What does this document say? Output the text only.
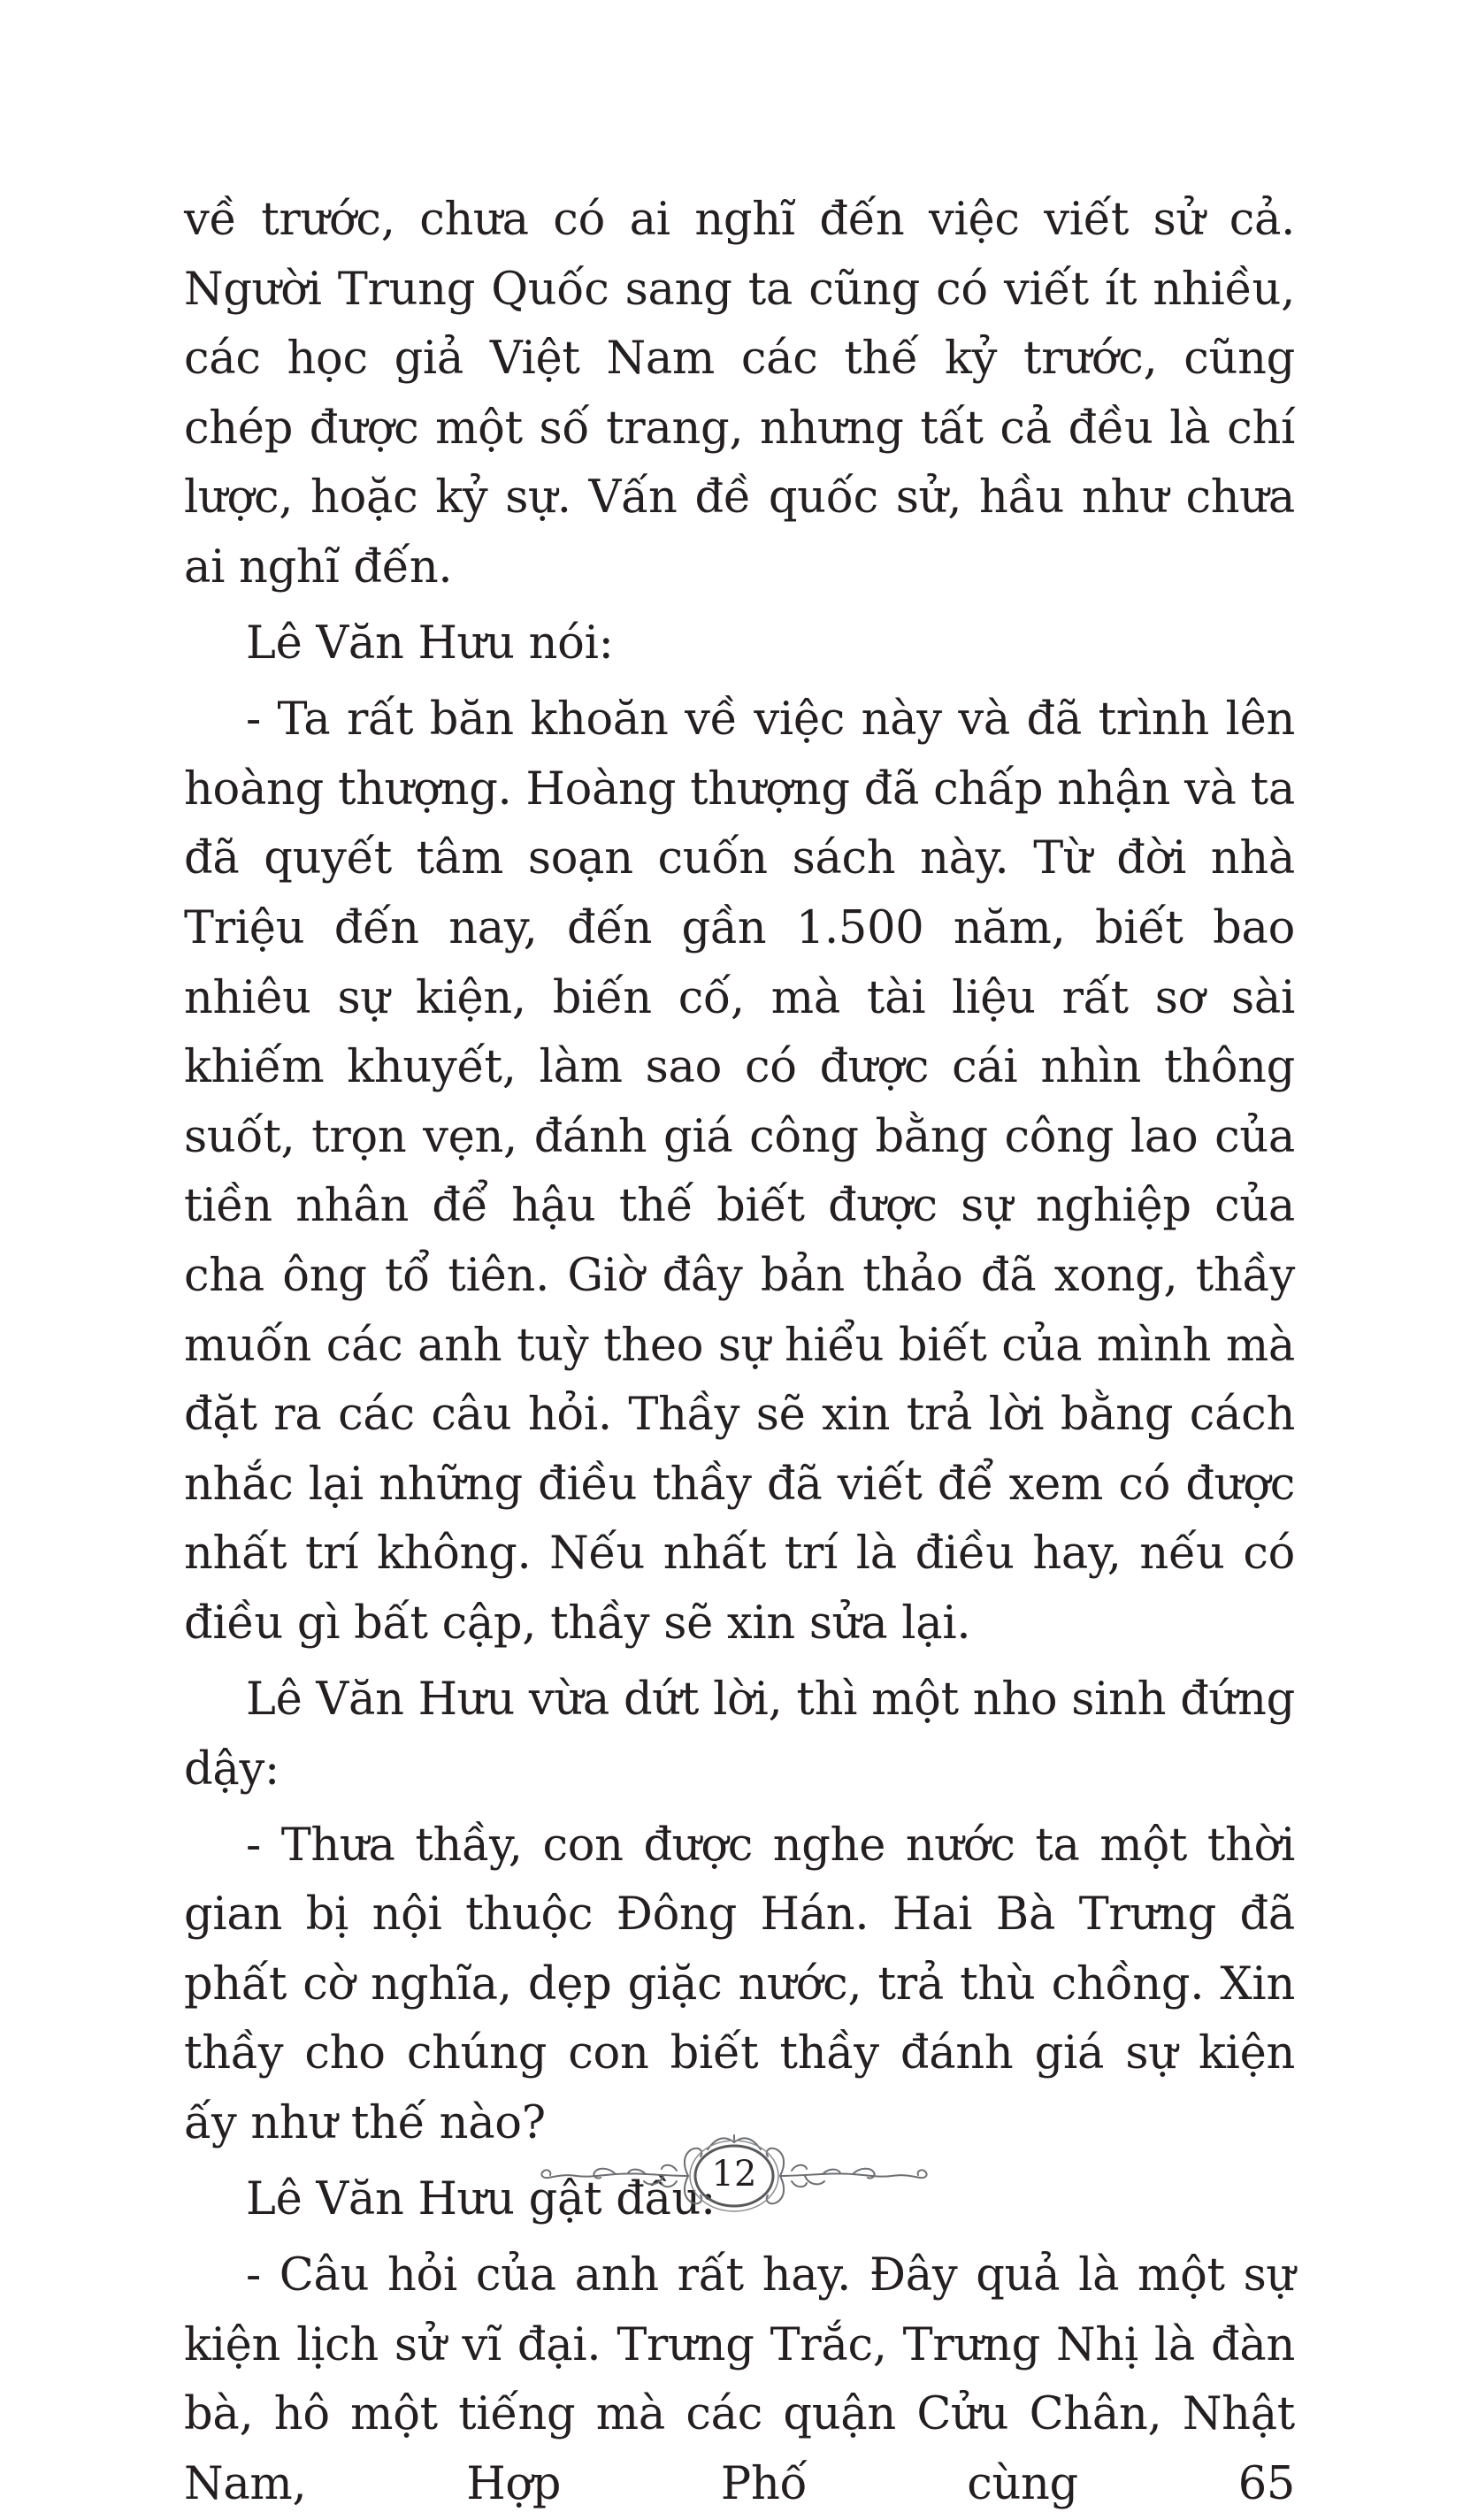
về trước, chưa có ai nghĩ đến việc viết sử cả. Người Trung Quốc sang ta cũng có viết ít nhiều, các học giả Việt Nam các thế kỷ trước, cũng chép được một số trang, nhưng tất cả đều là chí lược, hoặc kỷ sự. Vấn đề quốc sử, hầu như chưa ai nghĩ đến.

Lê Văn Hưu nói:

- Ta rất băn khoăn về việc này và đã trình lên hoàng thượng. Hoàng thượng đã chấp nhận và ta đã quyết tâm soạn cuốn sách này. Từ đời nhà Triệu đến nay, đến gần 1.500 năm, biết bao nhiêu sự kiện, biến cố, mà tài liệu rất sơ sài khiếm khuyết, làm sao có được cái nhìn thông suốt, trọn vẹn, đánh giá công bằng công lao của tiền nhân để hậu thế biết được sự nghiệp của cha ông tổ tiên. Giờ đây bản thảo đã xong, thầy muốn các anh tuỳ theo sự hiểu biết của mình mà đặt ra các câu hỏi. Thầy sẽ xin trả lời bằng cách nhắc lại những điều thầy đã viết để xem có được nhất trí không. Nếu nhất trí là điều hay, nếu có điều gì bất cập, thầy sẽ xin sửa lại.

Lê Văn Hưu vừa dứt lời, thì một nho sinh đứng dậy:

- Thưa thầy, con được nghe nước ta một thời gian bị nội thuộc Đông Hán. Hai Bà Trưng đã phất cờ nghĩa, dẹp giặc nước, trả thù chồng. Xin thầy cho chúng con biết thầy đánh giá sự kiện ấy như thế nào?

Lê Văn Hưu gật đầu:

- Câu hỏi của anh rất hay. Đây quả là một sự kiện lịch sử vĩ đại. Trưng Trắc, Trưng Nhị là đàn bà, hô một tiếng mà các quận Cửu Chân, Nhật Nam, Hợp Phố cùng 65

12
